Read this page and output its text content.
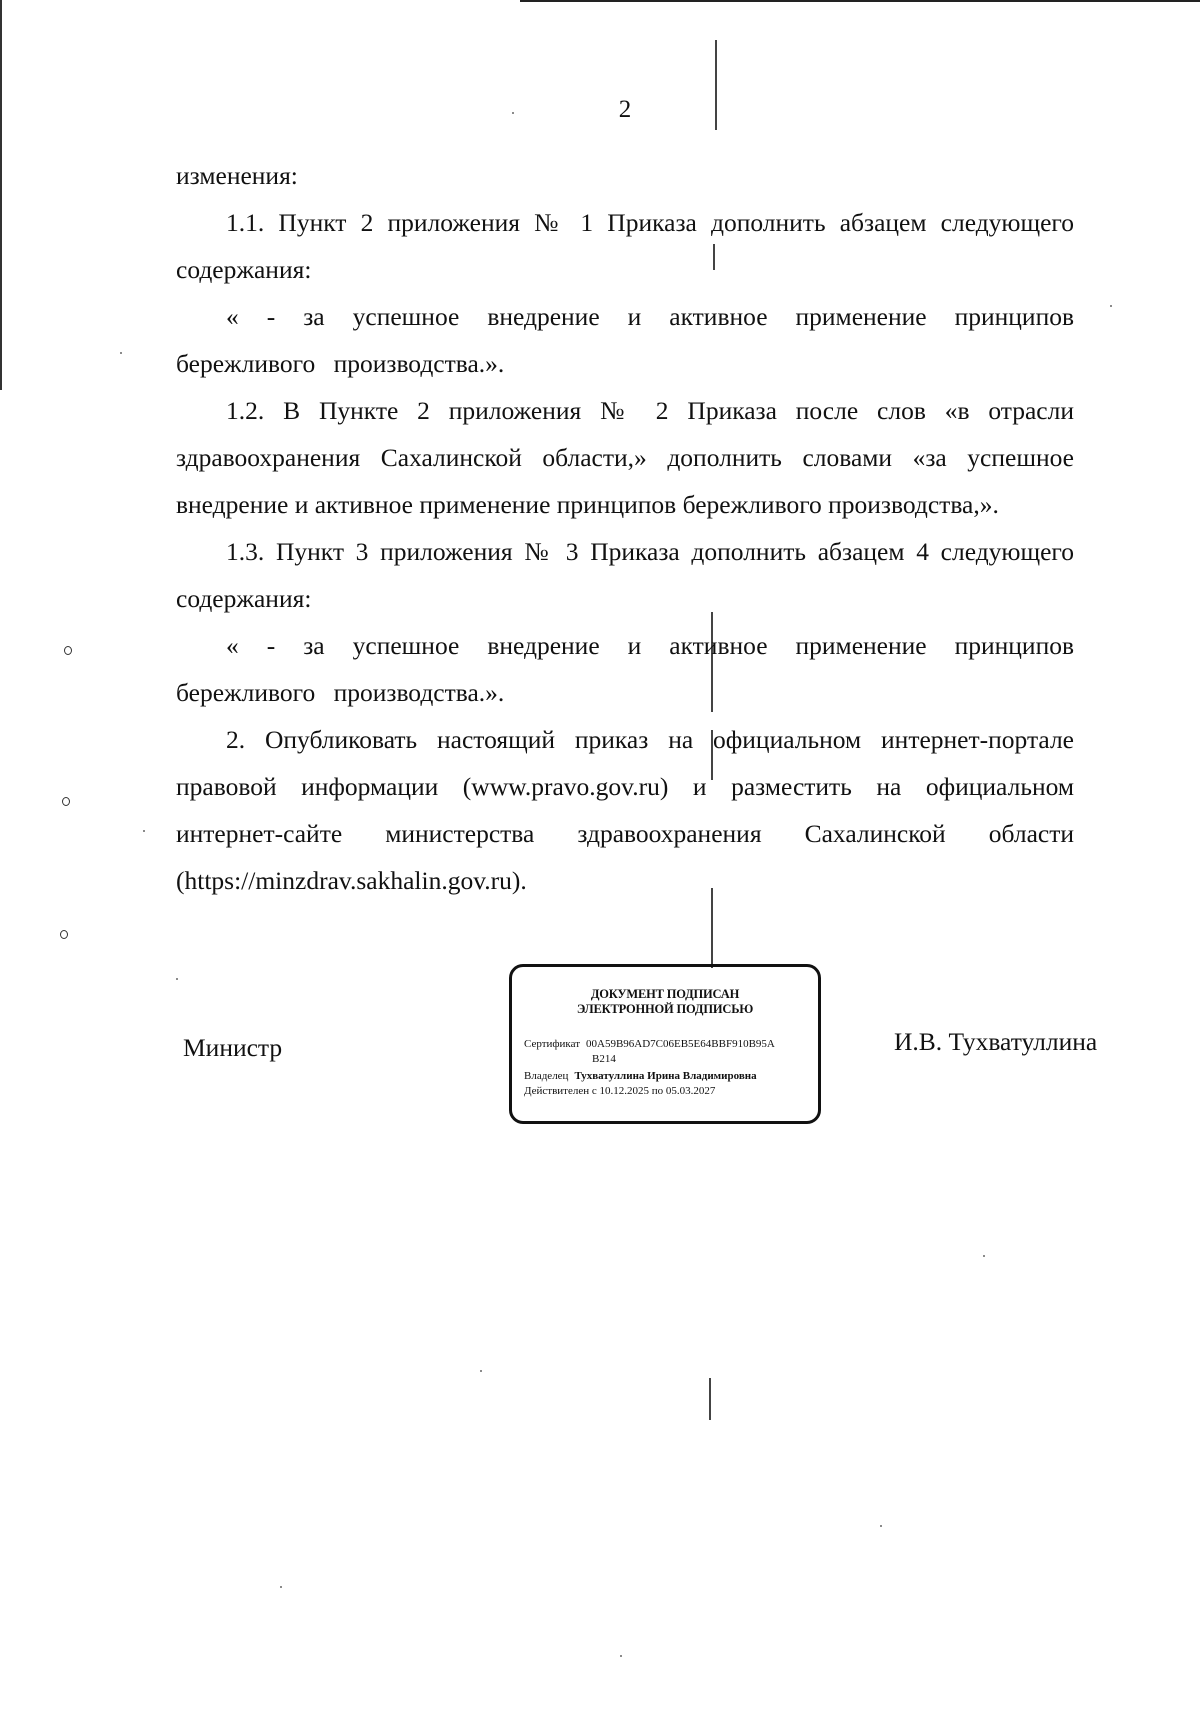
2

изменения:

1.1. Пункт 2 приложения № 1 Приказа дополнить абзацем следующего содержания:

« - за успешное внедрение и активное применение принципов бережливого производства.».

1.2. В Пункте 2 приложения № 2 Приказа после слов «в отрасли здравоохранения Сахалинской области,» дополнить словами «за успешное внедрение и активное применение принципов бережливого производства,».

1.3. Пункт 3 приложения № 3 Приказа дополнить абзацем 4 следующего содержания:

« - за успешное внедрение и активное применение принципов бережливого производства.».

2. Опубликовать настоящий приказ на официальном интернет-портале правовой информации (www.pravo.gov.ru) и разместить на официальном интернет-сайте министерства здравоохранения Сахалинской области (https://minzdrav.sakhalin.gov.ru).

Министр
ДОКУМЕНТ ПОДПИСАН
ЭЛЕКТРОННОЙ ПОДПИСЬЮ
Сертификат 00A59B96AD7C06EB5E64BBF910B95A
B214
Владелец Тухватуллина Ирина Владимировна
Действителен с 10.12.2025 по 05.03.2027
И.В. Тухватуллина
